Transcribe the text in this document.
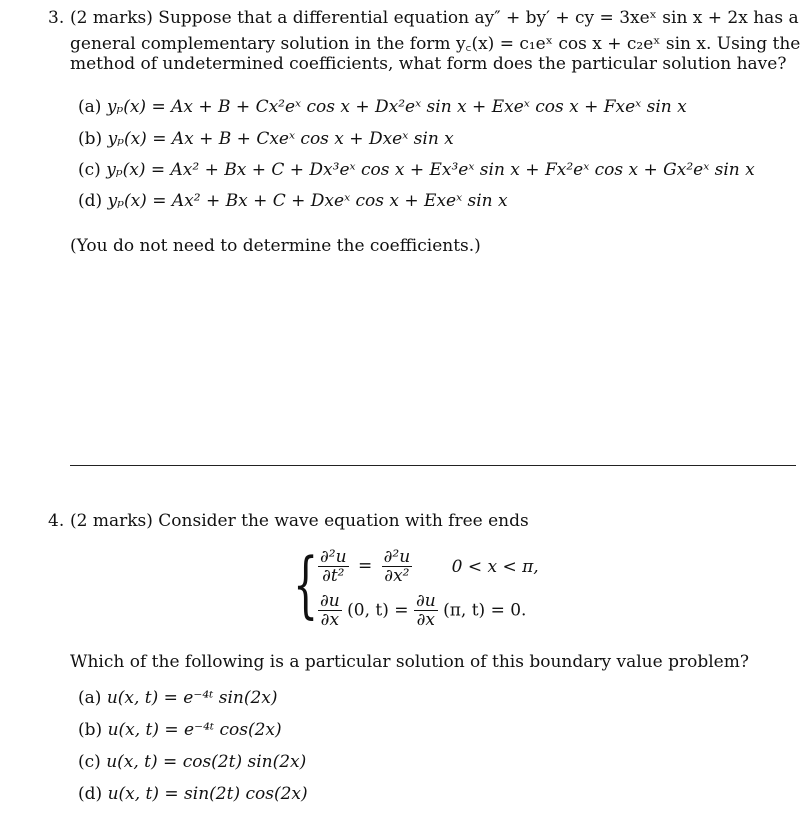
3. (2 marks) Suppose that a differential equation ay″ + by′ + cy = 3xeˣ sin x + 2x has a
general complementary solution in the form y꜀(x) = c₁eˣ cos x + c₂eˣ sin x. Using the
method of undetermined coefficients, what form does the particular solution have?
(a) yₚ(x) = Ax + B + Cx²eˣ cos x + Dx²eˣ sin x + Exeˣ cos x + Fxeˣ sin x
(b) yₚ(x) = Ax + B + Cxeˣ cos x + Dxeˣ sin x
(c) yₚ(x) = Ax² + Bx + C + Dx³eˣ cos x + Ex³eˣ sin x + Fx²eˣ cos x + Gx²eˣ sin x
(d) yₚ(x) = Ax² + Bx + C + Dxeˣ cos x + Exeˣ sin x
(You do not need to determine the coefficients.)
4. (2 marks) Consider the wave equation with free ends
{ $\frac{\text{∂²u}}{\text{∂t²}} = \frac{\text{∂²u}}{\text{∂x²}} 0 < x < \pi$,
$\frac{\partial u}{\partial x} (0$, $t) = \frac{\partial u}{\partial x} (\pi$, t) = 0.
Which of the following is a particular solution of this boundary value problem?
(a) u(x, t) = e⁻⁴ᵗ sin(2x)
(b) u(x, t) = e⁻⁴ᵗ cos(2x)
(c) u(x, t) = cos(2t) sin(2x)
(d) u(x, t) = sin(2t) cos(2x)
